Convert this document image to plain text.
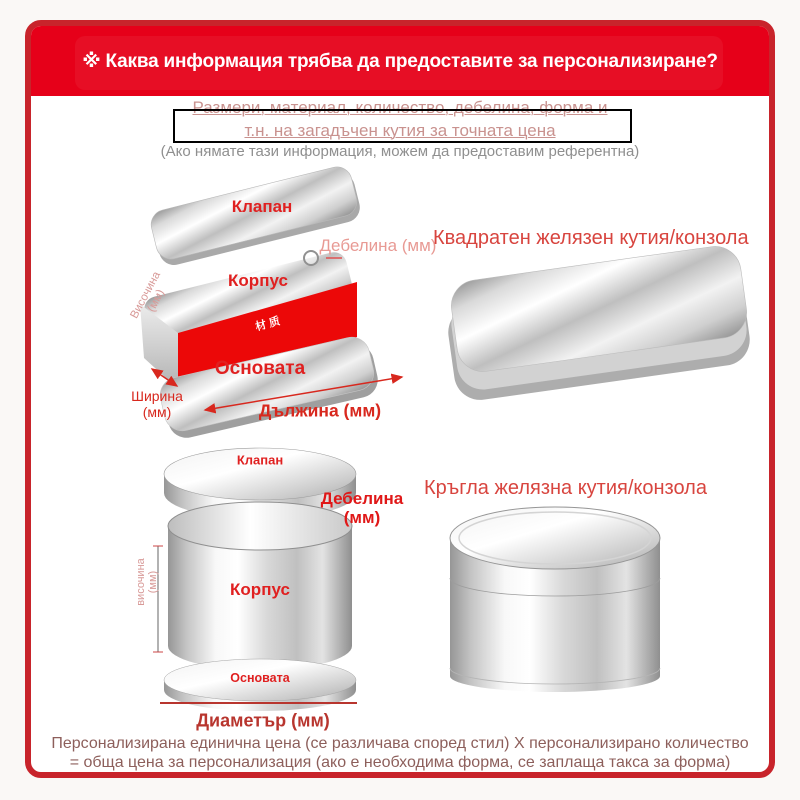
※ Каква информация трябва да предоставите за персонализиране?
Размери, материал, количество, дебелина, форма и
т.н. на загадъчен кутия за точната цена
(Ако нямате тази информация, можем да предоставим референтна)
Клапан
Дебелина (мм)
Корпус
材质
Височина (мм)
Основата
Ширина (мм)	Дължина (мм)
Квадратен желязен кутия/конзола
Клапан
Дебелина (мм)
Корпус
височина (мм)
Основата
Диаметър (мм)
Кръгла желязна кутия/конзола
Персонализирана единична цена (се различава според стил) X персонализирано количество
= обща цена за персонализация (ако е необходима форма, се заплаща такса за форма)
